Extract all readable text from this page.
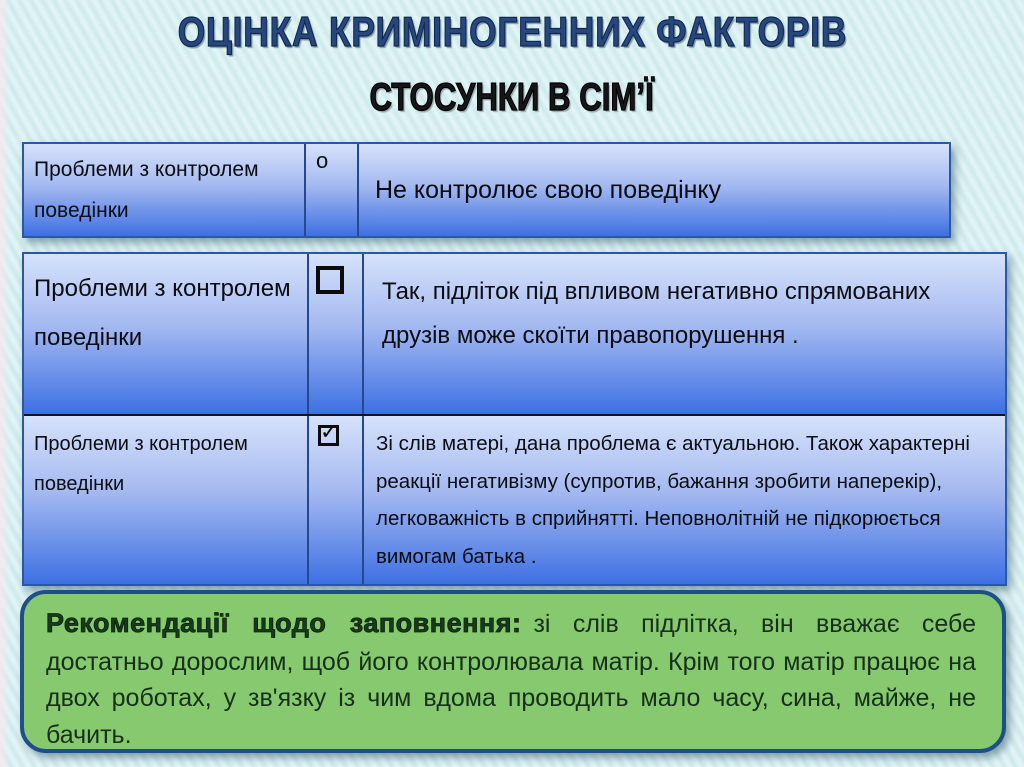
ОЦІНКА КРИМІНОГЕННИХ ФАКТОРІВ
СТОСУНКИ В СІМ’Ї
Проблеми з контролем поведінки
о
Не контролює свою поведінку
Проблеми з контролем поведінки
Так, підліток під впливом негативно спрямованих друзів може скоїти правопорушення .
Проблеми з контролем поведінки
✓	Зі слів матері, дана проблема є актуальною. Також характерні реакції негативізму (супротив, бажання зробити наперекір), легковажність в сприйнятті. Неповнолітній не підкорюється вимогам батька .

Рекомендації щодо заповнення: зі слів підлітка, він вважає себе достатньо дорослим, щоб його контролювала матір. Крім того матір працює на двох роботах, у зв'язку із чим вдома проводить мало часу, сина, майже, не бачить.
